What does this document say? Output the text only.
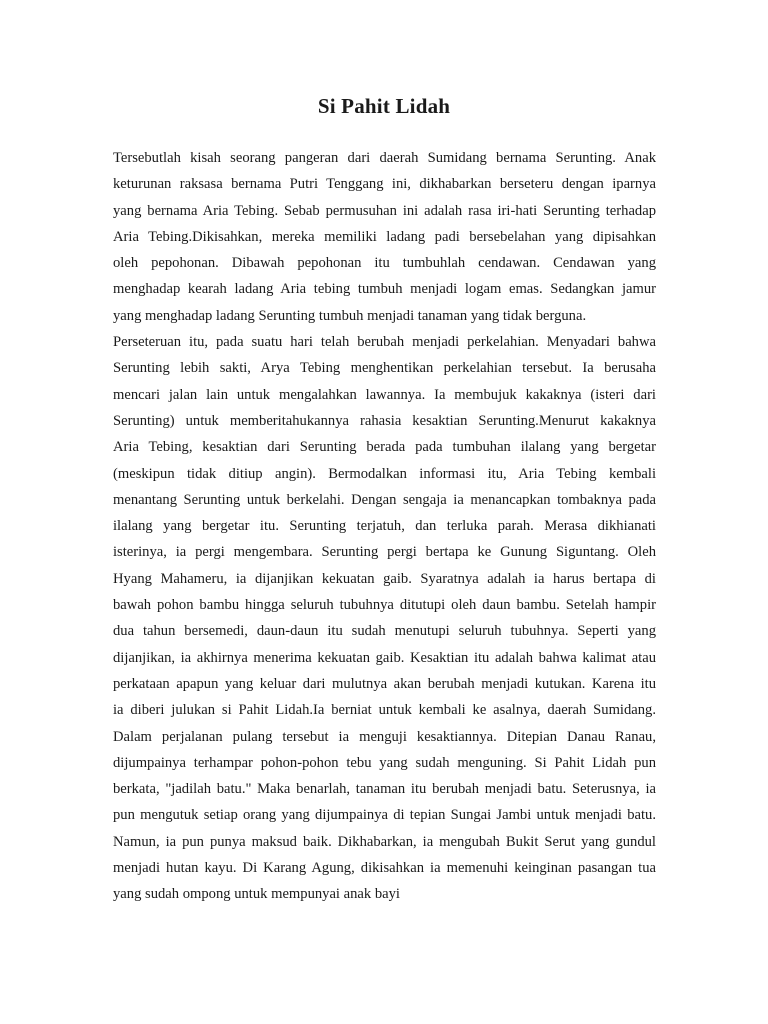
Si Pahit Lidah
Tersebutlah kisah seorang pangeran dari daerah Sumidang bernama Serunting. Anak
keturunan raksasa bernama Putri Tenggang ini, dikhabarkan berseteru dengan iparnya
yang bernama Aria Tebing. Sebab permusuhan ini adalah rasa iri-hati Serunting terhadap
Aria Tebing.Dikisahkan, mereka memiliki ladang padi bersebelahan yang dipisahkan
oleh pepohonan. Dibawah pepohonan itu tumbuhlah cendawan. Cendawan yang
menghadap kearah ladang Aria tebing tumbuh menjadi logam emas. Sedangkan jamur
yang menghadap ladang Serunting tumbuh menjadi tanaman yang tidak berguna.
Perseteruan itu, pada suatu hari telah berubah menjadi perkelahian. Menyadari bahwa
Serunting lebih sakti, Arya Tebing menghentikan perkelahian tersebut. Ia berusaha
mencari jalan lain untuk mengalahkan lawannya. Ia membujuk kakaknya (isteri dari
Serunting) untuk memberitahukannya rahasia kesaktian Serunting.Menurut kakaknya
Aria Tebing, kesaktian dari Serunting berada pada tumbuhan ilalang yang bergetar
(meskipun tidak ditiup angin). Bermodalkan informasi itu, Aria Tebing kembali
menantang Serunting untuk berkelahi. Dengan sengaja ia menancapkan tombaknya pada
ilalang yang bergetar itu. Serunting terjatuh, dan terluka parah. Merasa dikhianati
isterinya, ia pergi mengembara. Serunting pergi bertapa ke Gunung Siguntang. Oleh
Hyang Mahameru, ia dijanjikan kekuatan gaib. Syaratnya adalah ia harus bertapa di
bawah pohon bambu hingga seluruh tubuhnya ditutupi oleh daun bambu. Setelah hampir
dua tahun bersemedi, daun-daun itu sudah menutupi seluruh tubuhnya. Seperti yang
dijanjikan, ia akhirnya menerima kekuatan gaib. Kesaktian itu adalah bahwa kalimat atau
perkataan apapun yang keluar dari mulutnya akan berubah menjadi kutukan. Karena itu
ia diberi julukan si Pahit Lidah.Ia berniat untuk kembali ke asalnya, daerah Sumidang.
Dalam perjalanan pulang tersebut ia menguji kesaktiannya. Ditepian Danau Ranau,
dijumpainya terhampar pohon-pohon tebu yang sudah menguning. Si Pahit Lidah pun
berkata, "jadilah batu." Maka benarlah, tanaman itu berubah menjadi batu. Seterusnya, ia
pun mengutuk setiap orang yang dijumpainya di tepian Sungai Jambi untuk menjadi batu.
Namun, ia pun punya maksud baik. Dikhabarkan, ia mengubah Bukit Serut yang gundul
menjadi hutan kayu. Di Karang Agung, dikisahkan ia memenuhi keinginan pasangan tua
yang sudah ompong untuk mempunyai anak bayi
